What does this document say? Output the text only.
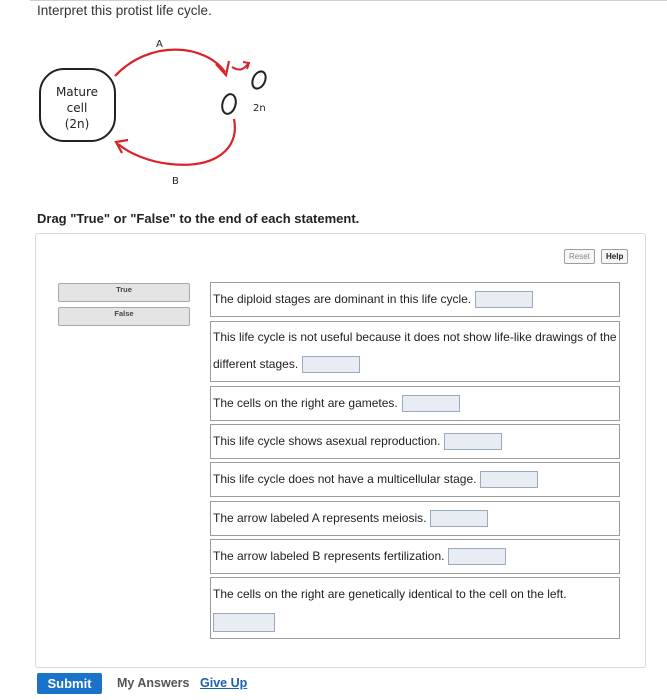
Interpret this protist life cycle.
Mature
cell
(2n)
A
2n
B
Drag "True" or "False" to the end of each statement.
Reset	Help
True
False
The diploid stages are dominant in this life cycle.
This life cycle is not useful because it does not show life-like drawings of the different stages.
The cells on the right are gametes.
This life cycle shows asexual reproduction.
This life cycle does not have a multicellular stage.
The arrow labeled A represents meiosis.
The arrow labeled B represents fertilization.
The cells on the right are genetically identical to the cell on the left.
Submit	My Answers Give Up
